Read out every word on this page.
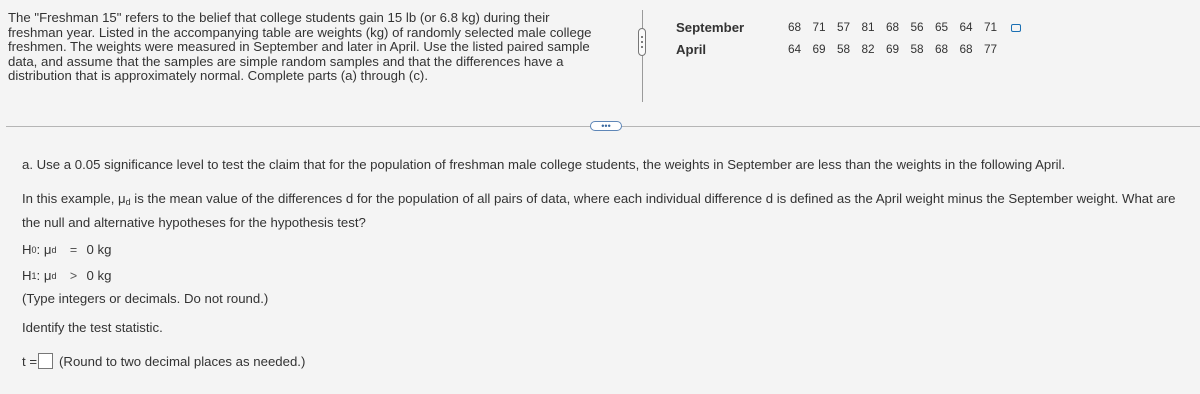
The "Freshman 15" refers to the belief that college students gain 15 lb (or 6.8 kg) during their freshman year. Listed in the accompanying table are weights (kg) of randomly selected male college freshmen. The weights were measured in September and later in April. Use the listed paired sample data, and assume that the samples are simple random samples and that the differences have a distribution that is approximately normal. Complete parts (a) through (c).
September	68 71 57 81 68 56 65 64 71
April	64 69 58 82 69 58 68 68 77
•••
a. Use a 0.05 significance level to test the claim that for the population of freshman male college students, the weights in September are less than the weights in the following April.
In this example, $\mu_d$ is the mean value of the differences d for the population of all pairs of data, where each individual difference d is defined as the April weight minus the September weight. What are the null and alternative hypotheses for the hypothesis test?
H 0 : μ d	= 0 kg
H 1 : μ d	> 0 kg
(Type integers or decimals. Do not round.)
Identify the test statistic.
t = (Round to two decimal places as needed.)
